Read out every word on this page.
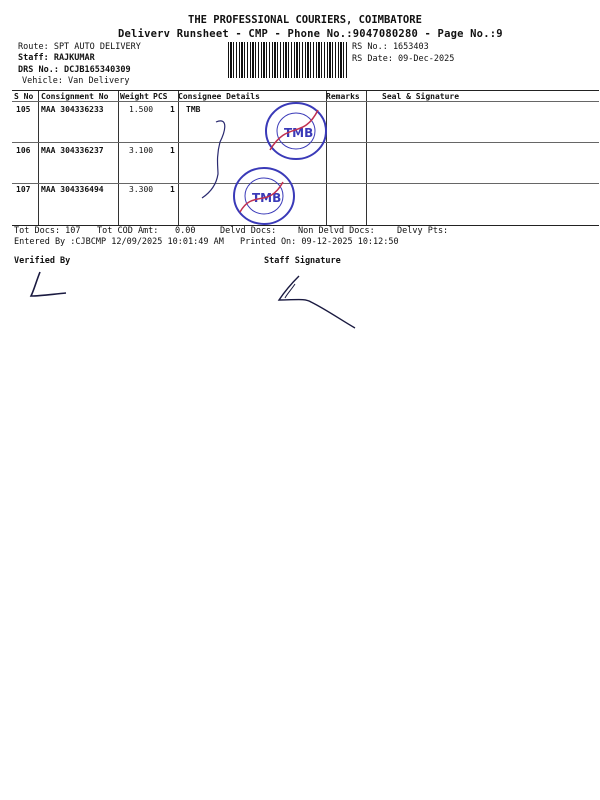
THE PROFESSIONAL COURIERS, COIMBATORE
Deliverv Runsheet - CMP - Phone No.:9047080280 - Page No.:9
Route: SPT AUTO DELIVERY
Staff: RAJKUMAR
DRS No.: DCJB165340309
Vehicle: Van Delivery
RS No.: 1653403
RS Date: 09-Dec-2025
S No Consignment No Weight PCS Consignee Details	Remarks	Seal & Signature
105 MAA 304336233	1.500 1 TMB
106 MAA 304336237	3.100 1
107 MAA 304336494	3.300 1
TMB
TMB
Tot Docs: 107 Tot COD Amt: 0.00	Delvd Docs:	Non Delvd Docs:	Delvy Pts:
Entered By :CJBCMP 12/09/2025 10:01:49 AM Printed On: 09-12-2025 10:12:50
Verified By	Staff Signature
